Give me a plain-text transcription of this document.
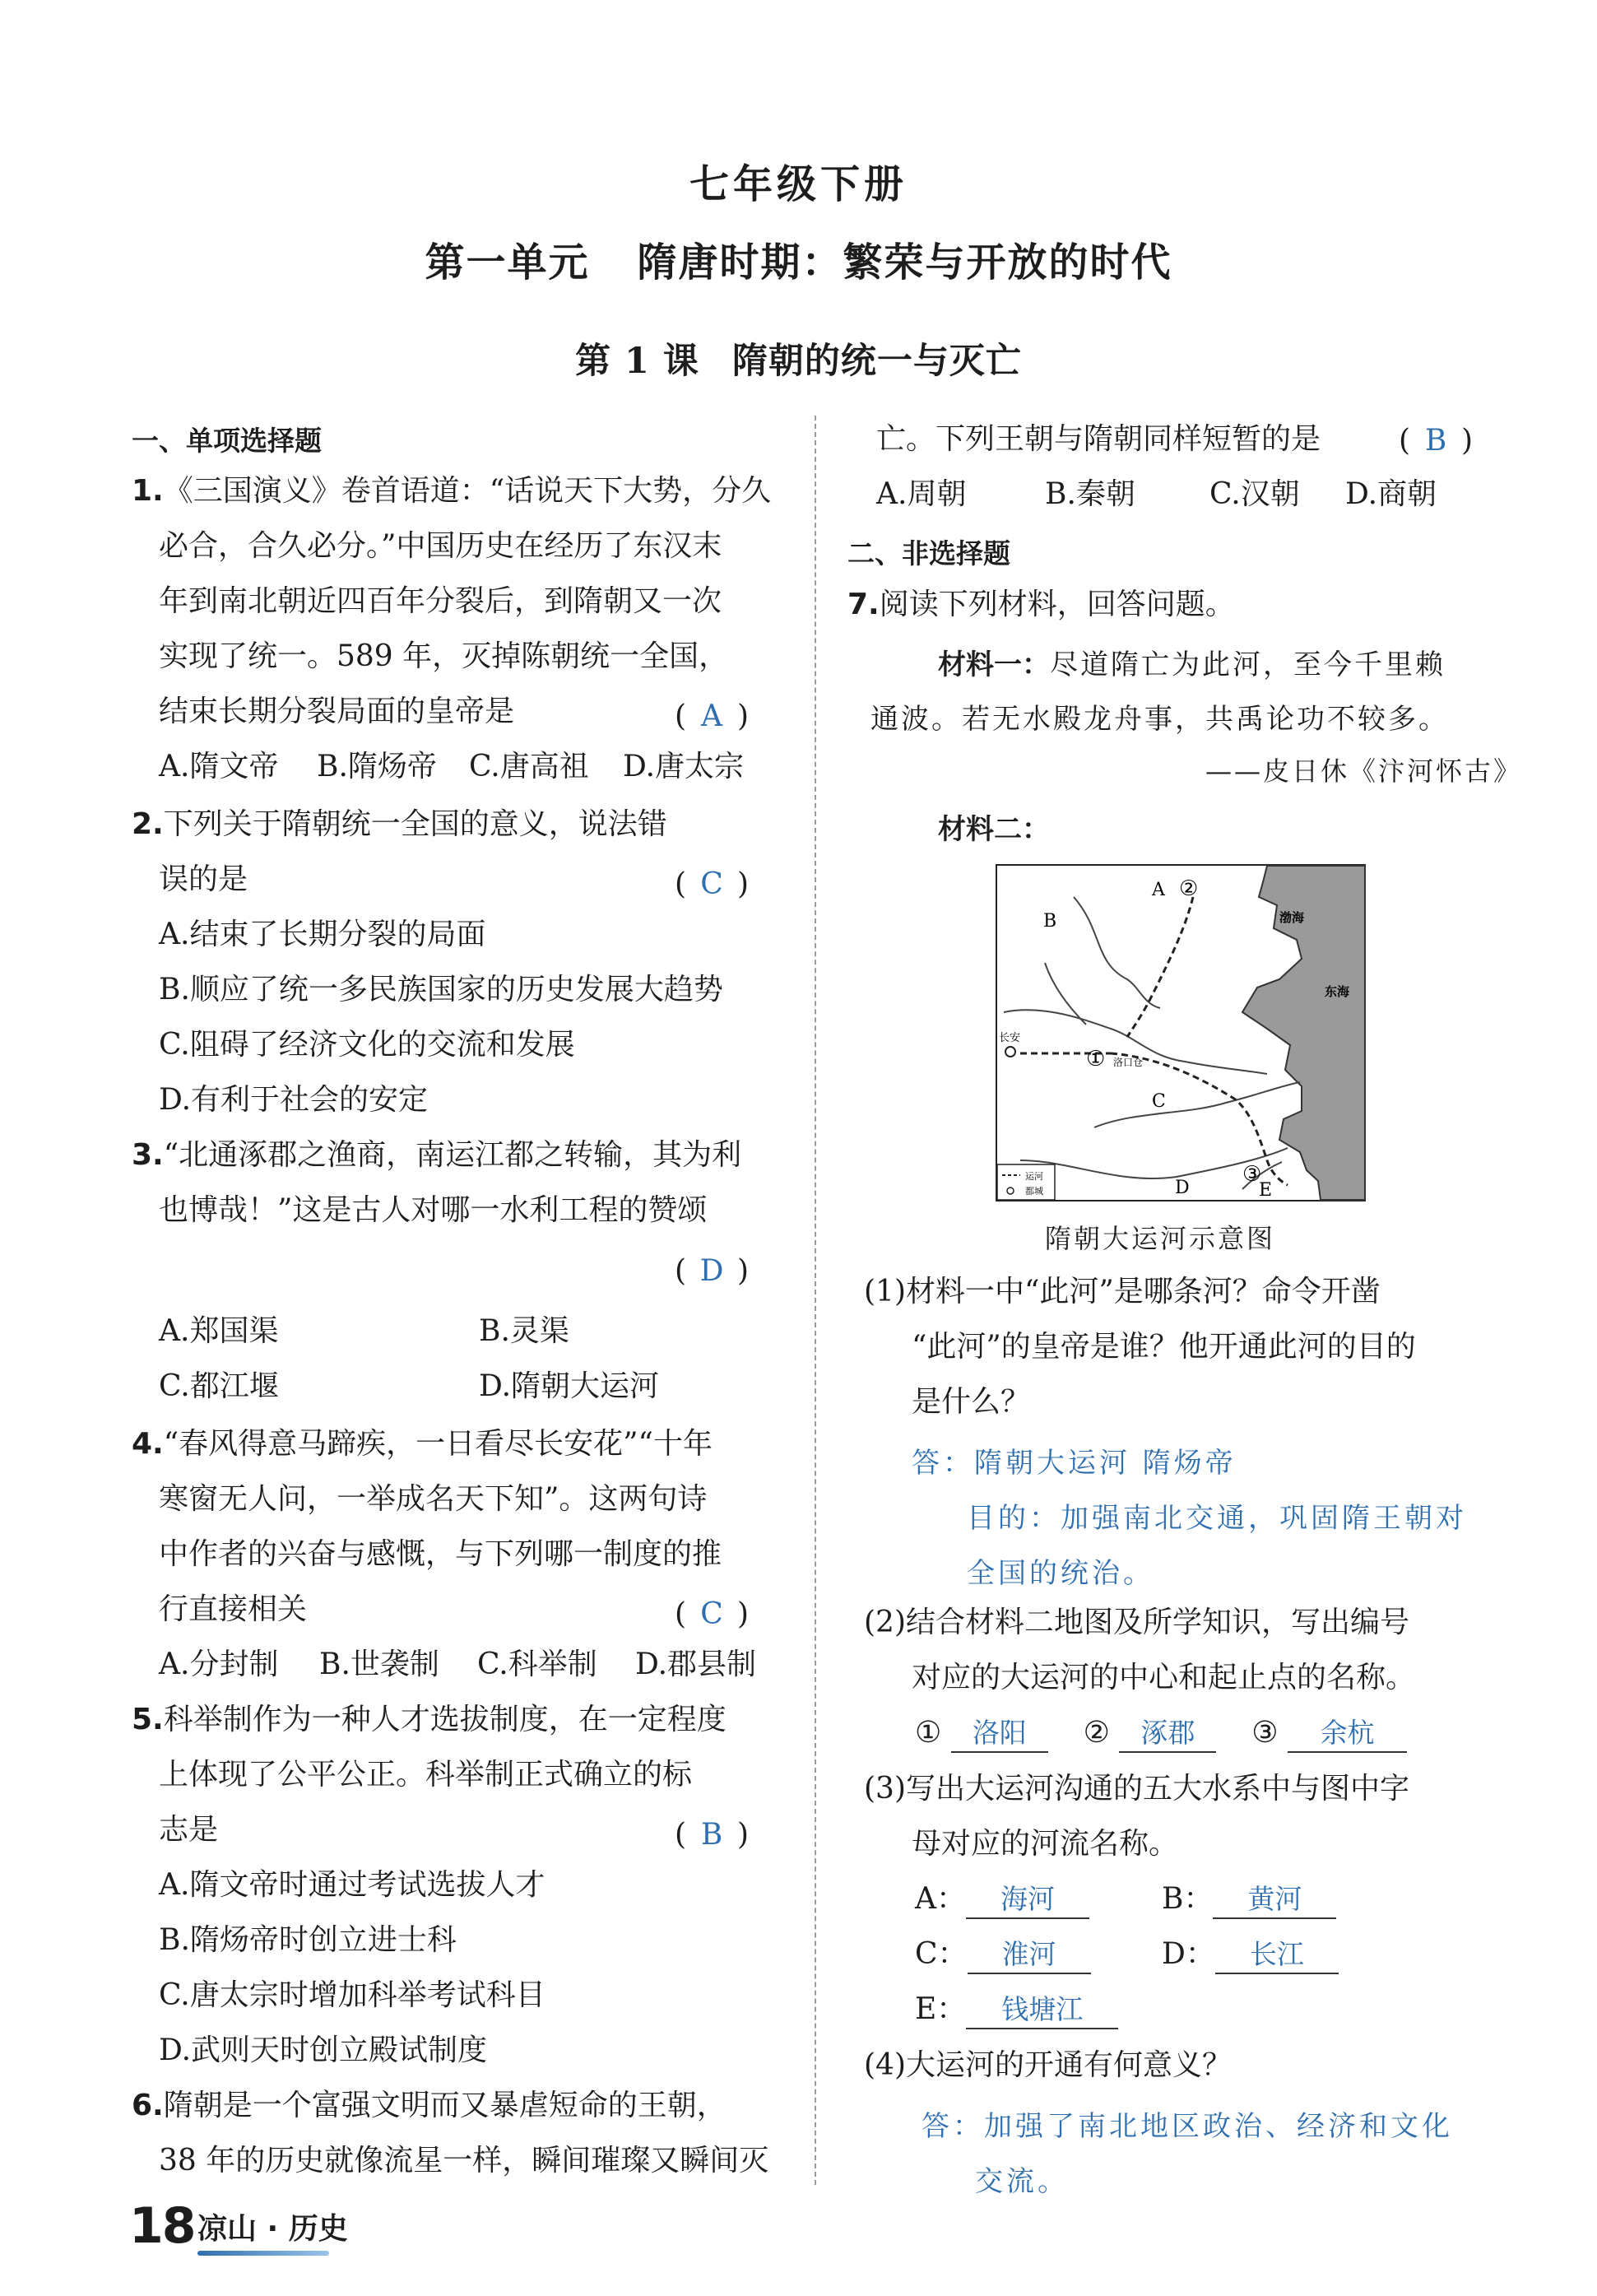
七年级下册
第一单元 隋唐时期：繁荣与开放的时代
第 1 课 隋朝的统一与灭亡
一、单项选择题
1.《三国演义》卷首语道：“话说天下大势，分久
必合，合久必分。”中国历史在经历了东汉末
年到南北朝近四百年分裂后，到隋朝又一次
实现了统一。589 年，灭掉陈朝统一全国，
结束长期分裂局面的皇帝是	( A )
A.隋文帝 B.隋炀帝 C.唐高祖 D.唐太宗
2.下列关于隋朝统一全国的意义，说法错
误的是	( C )
A.结束了长期分裂的局面
B.顺应了统一多民族国家的历史发展大趋势
C.阻碍了经济文化的交流和发展
D.有利于社会的安定
3.“北通涿郡之渔商，南运江都之转输，其为利
也博哉！”这是古人对哪一水利工程的赞颂
( D )
A.郑国渠	B.灵渠
C.都江堰	D.隋朝大运河
4.“春风得意马蹄疾，一日看尽长安花”“十年
寒窗无人问，一举成名天下知”。这两句诗
中作者的兴奋与感慨，与下列哪一制度的推
行直接相关	( C )
A.分封制 B.世袭制 C.科举制 D.郡县制
5.科举制作为一种人才选拔制度，在一定程度
上体现了公平公正。科举制正式确立的标
志是	( B )
A.隋文帝时通过考试选拔人才
B.隋炀帝时创立进士科
C.唐太宗时增加科举考试科目
D.武则天时创立殿试制度
6.隋朝是一个富强文明而又暴虐短命的王朝，
38 年的历史就像流星一样，瞬间璀璨又瞬间灭
亡。下列王朝与隋朝同样短暂的是	( B )
A.周朝	B.秦朝	C.汉朝 D.商朝
二、非选择题
7.阅读下列材料，回答问题。
材料一：尽道隋亡为此河，至今千里赖
通波。若无水殿龙舟事，共禹论功不较多。
——皮日休《汴河怀古》
材料二：
运河
都城
长安
洛口仓
A ②
B
①
C
D
③
E
渤海
东海
隋朝大运河示意图
(1)材料一中“此河”是哪条河？命令开凿
“此河”的皇帝是谁？他开通此河的目的
是什么？
答：隋朝大运河 隋炀帝
目的：加强南北交通，巩固隋王朝对
全国的统治。
(2)结合材料二地图及所学知识，写出编号
对应的大运河的中心和起止点的名称。
① 洛阳 ② 涿郡 ③ 余杭
(3)写出大运河沟通的五大水系中与图中字
母对应的河流名称。
A： 海河	B： 黄河
C： 淮河	D： 长江
E： 钱塘江
(4)大运河的开通有何意义？
答：加强了南北地区政治、经济和文化
交流。
18 凉山 · 历史
